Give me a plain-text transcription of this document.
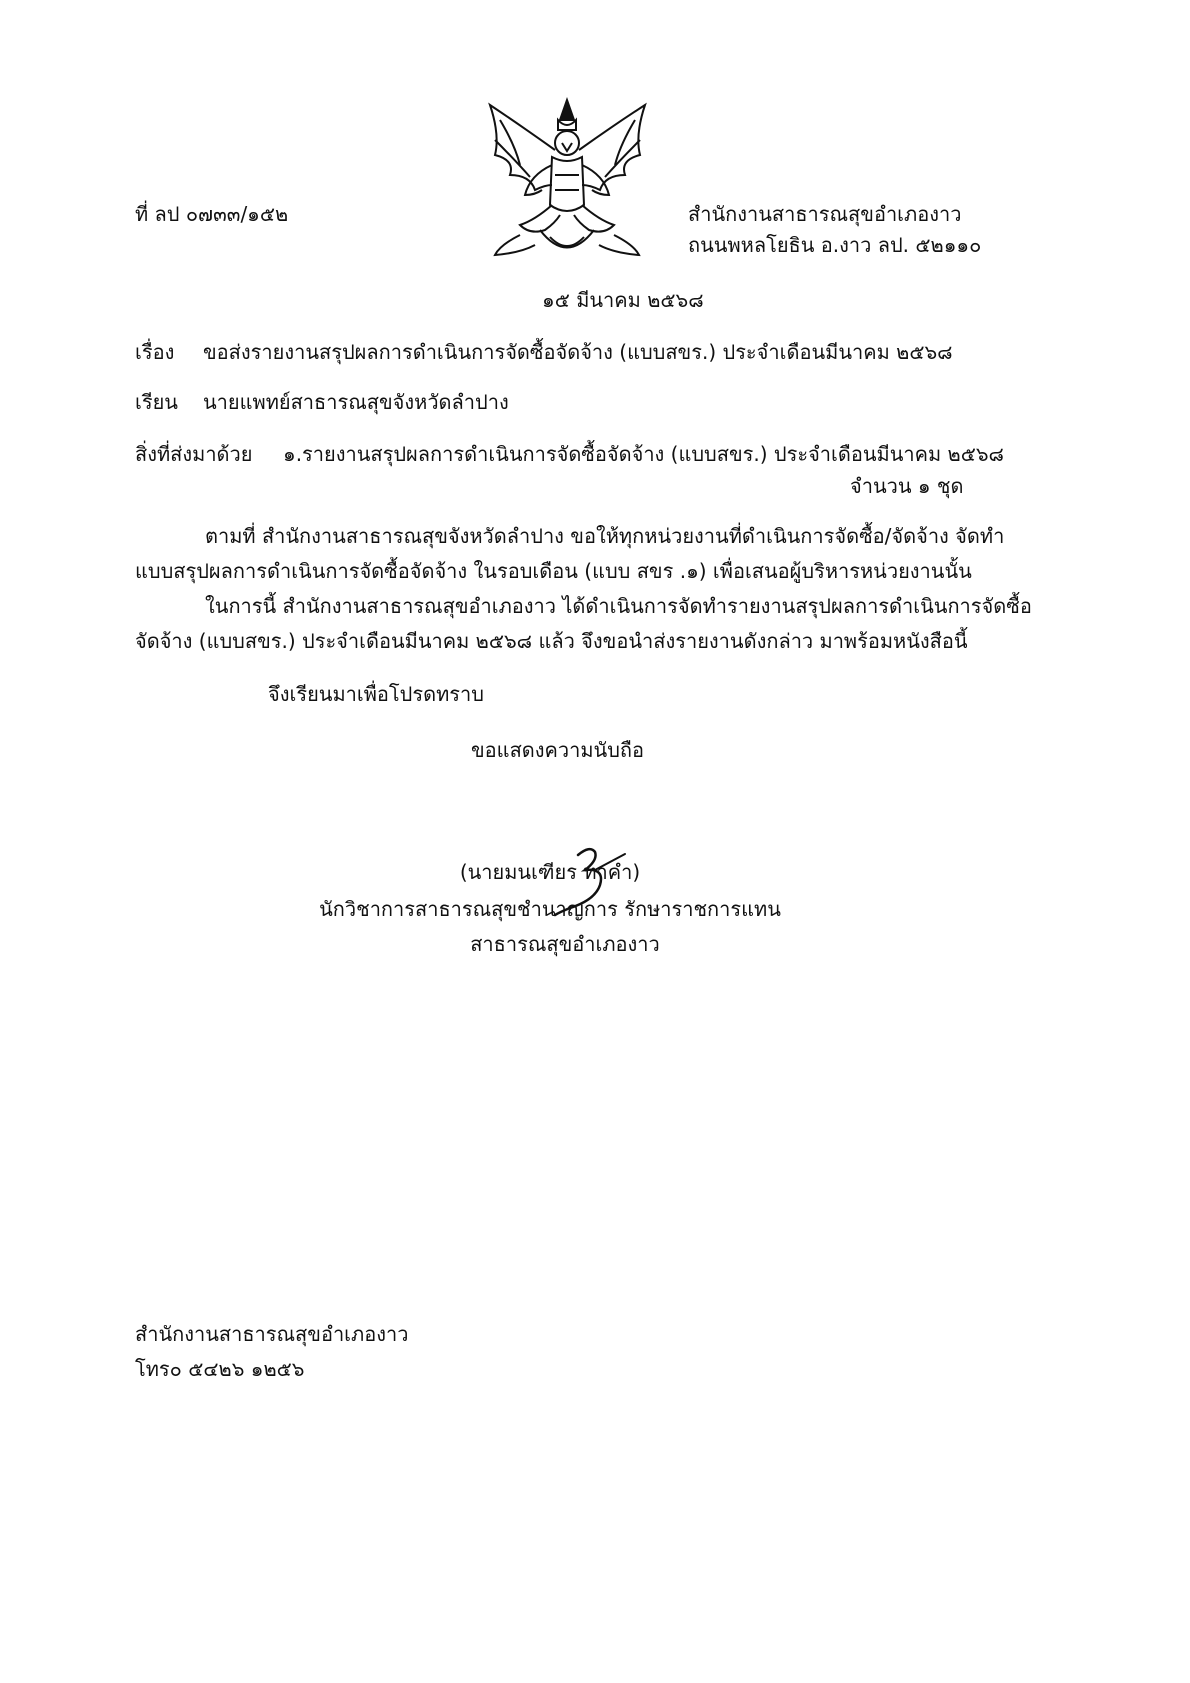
ที่ ลป ๐๗๓๓/๑๕๒	สำนักงานสาธารณสุขอำเภองาว
ถนนพหลโยธิน อ.งาว ลป. ๕๒๑๑๐
๑๕ มีนาคม ๒๕๖๘
เรื่อง ขอส่งรายงานสรุปผลการดำเนินการจัดซื้อจัดจ้าง (แบบสขร.) ประจำเดือนมีนาคม ๒๕๖๘
เรียน นายแพทย์สาธารณสุขจังหวัดลำปาง
สิ่งที่ส่งมาด้วย ๑.รายงานสรุปผลการดำเนินการจัดซื้อจัดจ้าง (แบบสขร.) ประจำเดือนมีนาคม ๒๕๖๘
จำนวน ๑ ชุด
ตามที่ สำนักงานสาธารณสุขจังหวัดลำปาง ขอให้ทุกหน่วยงานที่ดำเนินการจัดซื้อ/จัดจ้าง จัดทำ
แบบสรุปผลการดำเนินการจัดซื้อจัดจ้าง ในรอบเดือน (แบบ สขร .๑) เพื่อเสนอผู้บริหารหน่วยงานนั้น
ในการนี้ สำนักงานสาธารณสุขอำเภองาว ได้ดำเนินการจัดทำรายงานสรุปผลการดำเนินการจัดซื้อ
จัดจ้าง (แบบสขร.) ประจำเดือนมีนาคม ๒๕๖๘ แล้ว จึงขอนำส่งรายงานดังกล่าว มาพร้อมหนังสือนี้
จึงเรียนมาเพื่อโปรดทราบ
ขอแสดงความนับถือ
(นายมนเฑียร ทาคำ)
นักวิชาการสาธารณสุขชำนาญการ รักษาราชการแทน
สาธารณสุขอำเภองาว
สำนักงานสาธารณสุขอำเภองาว
โทร๐ ๕๔๒๖ ๑๒๕๖
